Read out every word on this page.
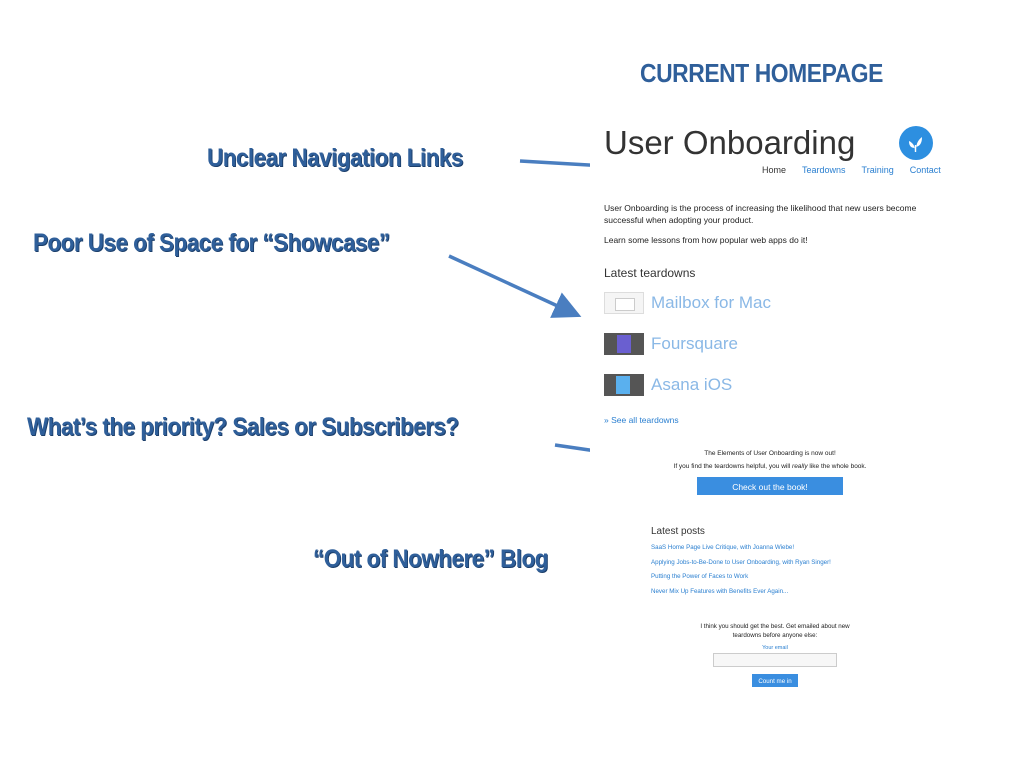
CURRENT HOMEPAGE
Unclear Navigation Links
Poor Use of Space for “Showcase”
What’s the priority? Sales or Subscribers?
“Out of Nowhere” Blog
User Onboarding
Home Teardowns Training Contact

User Onboarding is the process of increasing the likelihood that new users become successful when adopting your product.

Learn some lessons from how popular web apps do it!

Latest teardowns
Mailbox for Mac
Foursquare
Asana iOS
» See all teardowns
The Elements of User Onboarding is now out!
If you find the teardowns helpful, you will really like the whole book.
Check out the book!
Latest posts
SaaS Home Page Live Critique, with Joanna Wiebe!
Applying Jobs-to-Be-Done to User Onboarding, with Ryan Singer!
Putting the Power of Faces to Work
Never Mix Up Features with Benefits Ever Again...
I think you should get the best. Get emailed about new teardowns before anyone else:
Your email
Count me in
